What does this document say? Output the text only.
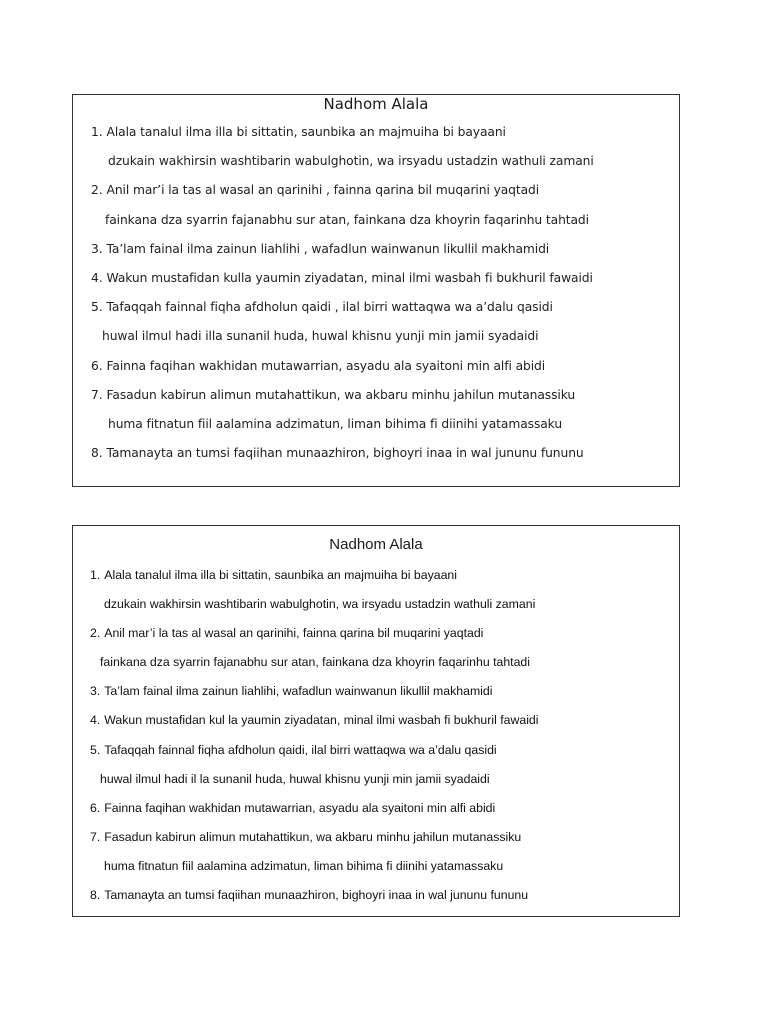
Nadhom Alala
1. Alala tanalul ilma illa bi sittatin, saunbika an majmuiha bi bayaani
dzukain wakhirsin washtibarin wabulghotin, wa irsyadu ustadzin wathuli zamani
2. Anil mar’i la tas al wasal an qarinihi , fainna qarina bil muqarini yaqtadi
fainkana dza syarrin fajanabhu sur atan, fainkana dza khoyrin faqarinhu tahtadi
3. Ta’lam fainal ilma zainun liahlihi , wafadlun wainwanun likullil makhamidi
4. Wakun mustafidan kulla yaumin ziyadatan, minal ilmi wasbah fi bukhuril fawaidi
5. Tafaqqah fainnal fiqha afdholun qaidi , ilal birri wattaqwa wa a’dalu qasidi
huwal ilmul hadi illa sunanil huda, huwal khisnu yunji min jamii syadaidi
6. Fainna faqihan wakhidan mutawarrian, asyadu ala syaitoni min alfi abidi
7. Fasadun kabirun alimun mutahattikun, wa akbaru minhu jahilun mutanassiku
huma fitnatun fiil aalamina adzimatun, liman bihima fi diinihi yatamassaku
8. Tamanayta an tumsi faqiihan munaazhiron, bighoyri inaa in wal jununu fununu
Nadhom Alala
1. Alala tanalul ilma illa bi sittatin, saunbika an majmuiha bi bayaani
dzukain wakhirsin washtibarin wabulghotin, wa irsyadu ustadzin wathuli zamani
2. Anil mar’i la tas al wasal an qarinihi, fainna qarina bil muqarini yaqtadi
fainkana dza syarrin fajanabhu sur atan, fainkana dza khoyrin faqarinhu tahtadi
3. Ta’lam fainal ilma zainun liahlihi, wafadlun wainwanun likullil makhamidi
4. Wakun mustafidan kul la yaumin ziyadatan, minal ilmi wasbah fi bukhuril fawaidi
5. Tafaqqah fainnal fiqha afdholun qaidi, ilal birri wattaqwa wa a’dalu qasidi
huwal ilmul hadi il la sunanil huda, huwal khisnu yunji min jamii syadaidi
6. Fainna faqihan wakhidan mutawarrian, asyadu ala syaitoni min alfi abidi
7. Fasadun kabirun alimun mutahattikun, wa akbaru minhu jahilun mutanassiku
huma fitnatun fiil aalamina adzimatun, liman bihima fi diinihi yatamassaku
8. Tamanayta an tumsi faqiihan munaazhiron, bighoyri inaa in wal jununu fununu
